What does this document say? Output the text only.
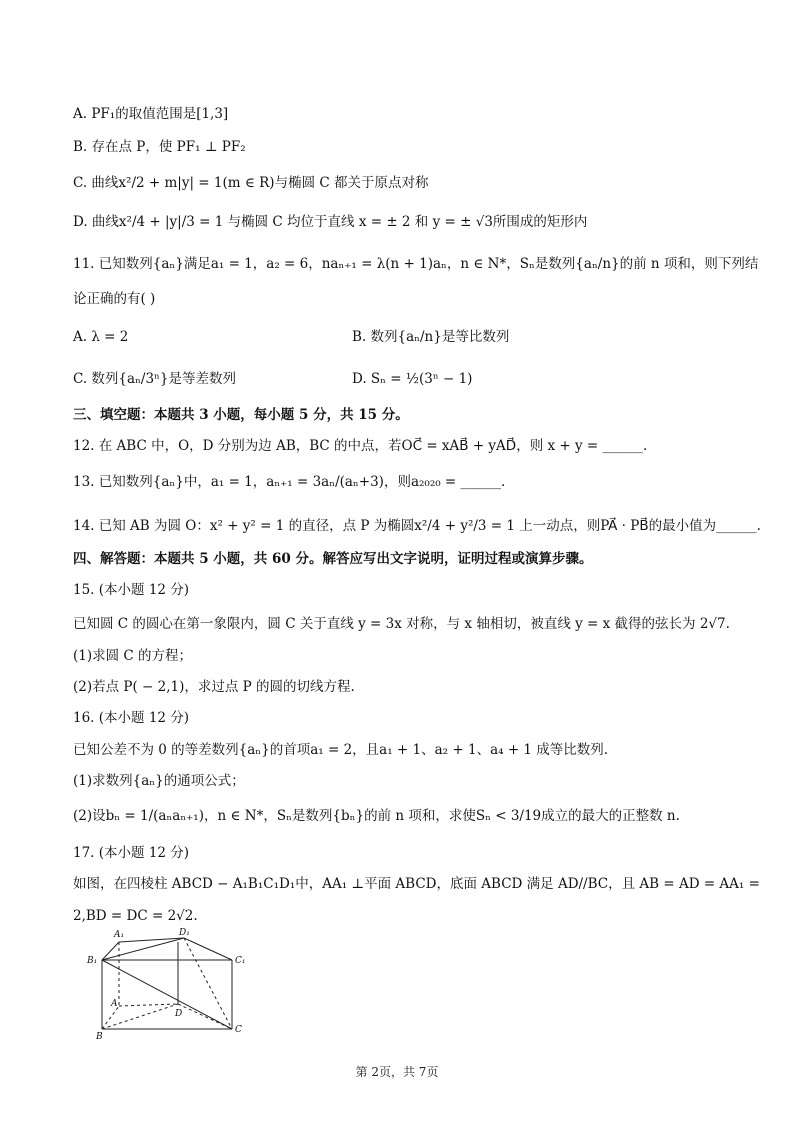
A. PF₁的取值范围是[1,3]
B. 存在点 P，使 PF₁ ⊥ PF₂
C. 曲线x²/2 + m|y| = 1(m ∈ R)与椭圆 C 都关于原点对称
D. 曲线x²/4 + |y|/3 = 1 与椭圆 C 均位于直线 x = ± 2 和 y = ± √3所围成的矩形内
11. 已知数列{aₙ}满足a₁ = 1，a₂ = 6，naₙ₊₁ = λ(n + 1)aₙ，n ∈ N*，Sₙ是数列{aₙ/n}的前 n 项和，则下列结
论正确的有( )
A. λ = 2	B. 数列{aₙ/n}是等比数列
C. 数列{aₙ/3ⁿ}是等差数列	D. Sₙ = ½(3ⁿ − 1)
三、填空题：本题共 3 小题，每小题 5 分，共 15 分。
12. 在 ABC 中，O，D 分别为边 AB，BC 的中点，若OC⃗ = xAB⃗ + yAD⃗，则 x + y = ______.
13. 已知数列{aₙ}中，a₁ = 1，aₙ₊₁ = 3aₙ/(aₙ+3)，则a₂₀₂₀ = ______.
14. 已知 AB 为圆 O：x² + y² = 1 的直径，点 P 为椭圆x²/4 + y²/3 = 1 上一动点，则PA⃗ · PB⃗的最小值为______.
四、解答题：本题共 5 小题，共 60 分。解答应写出文字说明，证明过程或演算步骤。
15. (本小题 12 分)
已知圆 C 的圆心在第一象限内，圆 C 关于直线 y = 3x 对称，与 x 轴相切，被直线 y = x 截得的弦长为 2√7.
(1)求圆 C 的方程；
(2)若点 P( − 2,1)，求过点 P 的圆的切线方程.
16. (本小题 12 分)
已知公差不为 0 的等差数列{aₙ}的首项a₁ = 2，且a₁ + 1、a₂ + 1、a₄ + 1 成等比数列.
(1)求数列{aₙ}的通项公式；
(2)设bₙ = 1/(aₙaₙ₊₁)，n ∈ N*，Sₙ是数列{bₙ}的前 n 项和，求使Sₙ < 3/19成立的最大的正整数 n.
17. (本小题 12 分)
如图，在四棱柱 ABCD − A₁B₁C₁D₁中，AA₁ ⊥平面 ABCD，底面 ABCD 满足 AD//BC，且 AB = AD = AA₁ =
2,BD = DC = 2√2.
A₁	D₁
B₁	C₁
A
D
B
C
第 2页，共 7页
